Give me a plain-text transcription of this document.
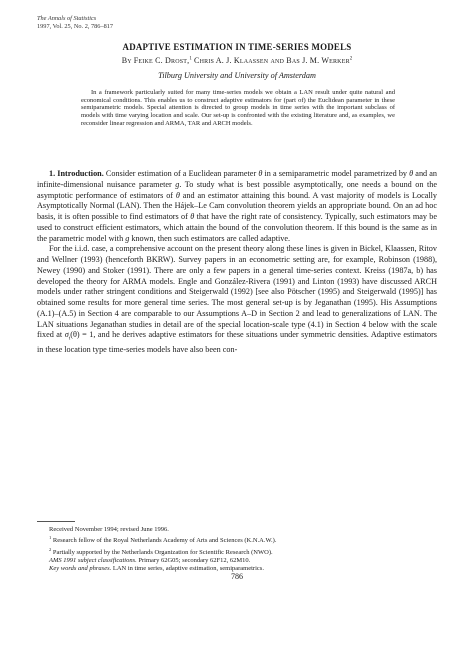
The Annals of Statistics
1997, Vol. 25, No. 2, 786–817
ADAPTIVE ESTIMATION IN TIME-SERIES MODELS
By Feike C. Drost,$^1$ Chris A. J. Klaassen and Bas J. M. Werker$^2$
Tilburg University and University of Amsterdam
In a framework particularly suited for many time-series models we obtain a LAN result under quite natural and economical conditions. This enables us to construct adaptive estimators for (part of) the Euclidean parameter in these semiparametric models. Special attention is directed to group models in time series with the important subclass of models with time varying location and scale. Our set-up is confronted with the existing literature and, as examples, we reconsider linear regression and ARMA, TAR and ARCH models.

1. Introduction. Consider estimation of a Euclidean parameter θ in a semiparametric model parametrized by θ and an infinite-dimensional nuisance parameter g. To study what is best possible asymptotically, one needs a bound on the asymptotic performance of estimators of θ and an estimator attaining this bound. A vast majority of models is Locally Asymptotically Normal (LAN). Then the Hájek–Le Cam convolution theorem yields an appropriate bound. On an ad hoc basis, it is often possible to find estimators of θ that have the right rate of consistency. Typically, such estimators may be used to construct efficient estimators, which attain the bound of the convolution theorem. If this bound is the same as in the parametric model with g known, then such estimators are called adaptive.

For the i.i.d. case, a comprehensive account on the present theory along these lines is given in Bickel, Klaassen, Ritov and Wellner (1993) (henceforth BKRW). Survey papers in an econometric setting are, for example, Robinson (1988), Newey (1990) and Stoker (1991). There are only a few papers in a general time-series context. Kreiss (1987a, b) has developed the theory for ARMA models. Engle and González-Rivera (1991) and Linton (1993) have discussed ARCH models under rather stringent conditions and Steigerwald (1992) [see also Pötscher (1995) and Steigerwald (1995)] has obtained some results for more general time series. The most general set-up is by Jeganathan (1995). His Assumptions (A.1)–(A.5) in Section 4 are comparable to our Assumptions A–D in Section 2 and lead to generalizations of LAN. The LAN situations Jeganathan studies in detail are of the special location-scale type (4.1) in Section 4 below with the scale fixed at $\sigma_t(\theta) = 1$, and he derives adaptive estimators for these situations under symmetric densities. Adaptive estimators in these location type time-series models have also been con-

Received November 1994; revised June 1996.
$^1$ Research fellow of the Royal Netherlands Academy of Arts and Sciences (K.N.A.W.).
$^2$ Partially supported by the Netherlands Organization for Scientific Research (NWO).
AMS 1991 subject classifications. Primary 62G05; secondary 62F12, 62M10.
Key words and phrases. LAN in time series, adaptive estimation, semiparametrics.
786
